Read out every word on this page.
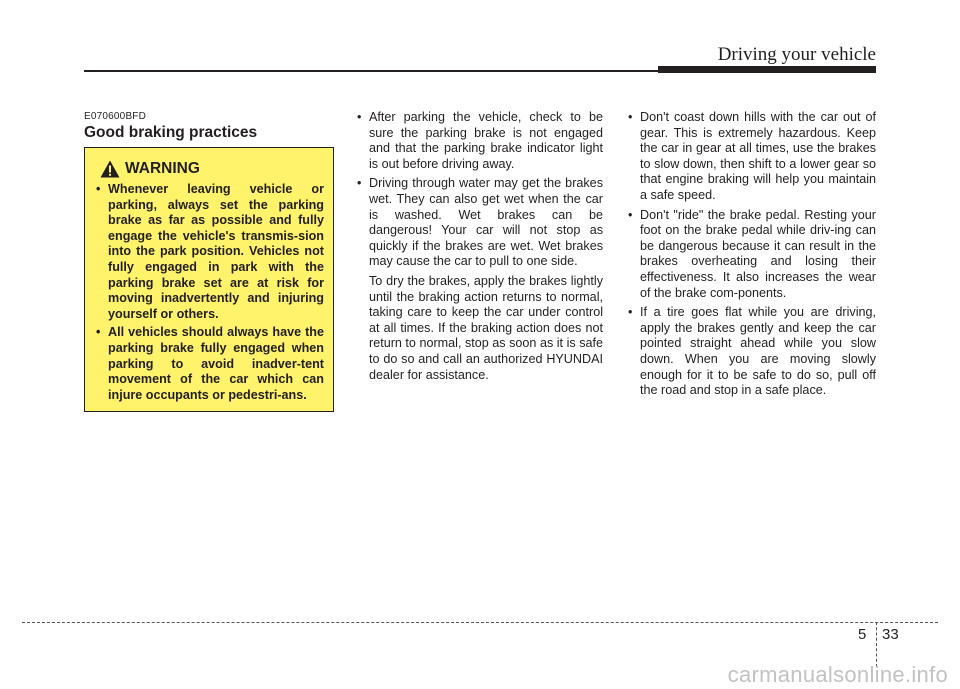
Driving your vehicle
E070600BFD
Good braking practices
WARNING
• Whenever leaving vehicle or parking, always set the parking brake as far as possible and fully engage the vehicle's transmis-sion into the park position. Vehicles not fully engaged in park with the parking brake set are at risk for moving inadvertently and injuring yourself or others.
• All vehicles should always have the parking brake fully engaged when parking to avoid inadver-tent movement of the car which can injure occupants or pedestri-ans.
• After parking the vehicle, check to be sure the parking brake is not engaged and that the parking brake indicator light is out before driving away.
• Driving through water may get the brakes wet. They can also get wet when the car is washed. Wet brakes can be dangerous! Your car will not stop as quickly if the brakes are wet. Wet brakes may cause the car to pull to one side.
To dry the brakes, apply the brakes lightly until the braking action returns to normal, taking care to keep the car under control at all times. If the braking action does not return to normal, stop as soon as it is safe to do so and call an authorized HYUNDAI dealer for assistance.
• Don't coast down hills with the car out of gear. This is extremely hazardous. Keep the car in gear at all times, use the brakes to slow down, then shift to a lower gear so that engine braking will help you maintain a safe speed.
• Don't "ride" the brake pedal. Resting your foot on the brake pedal while driv-ing can be dangerous because it can result in the brakes overheating and losing their effectiveness. It also increases the wear of the brake com-ponents.
• If a tire goes flat while you are driving, apply the brakes gently and keep the car pointed straight ahead while you slow down. When you are moving slowly enough for it to be safe to do so, pull off the road and stop in a safe place.
5 33
carmanualsonline.info
